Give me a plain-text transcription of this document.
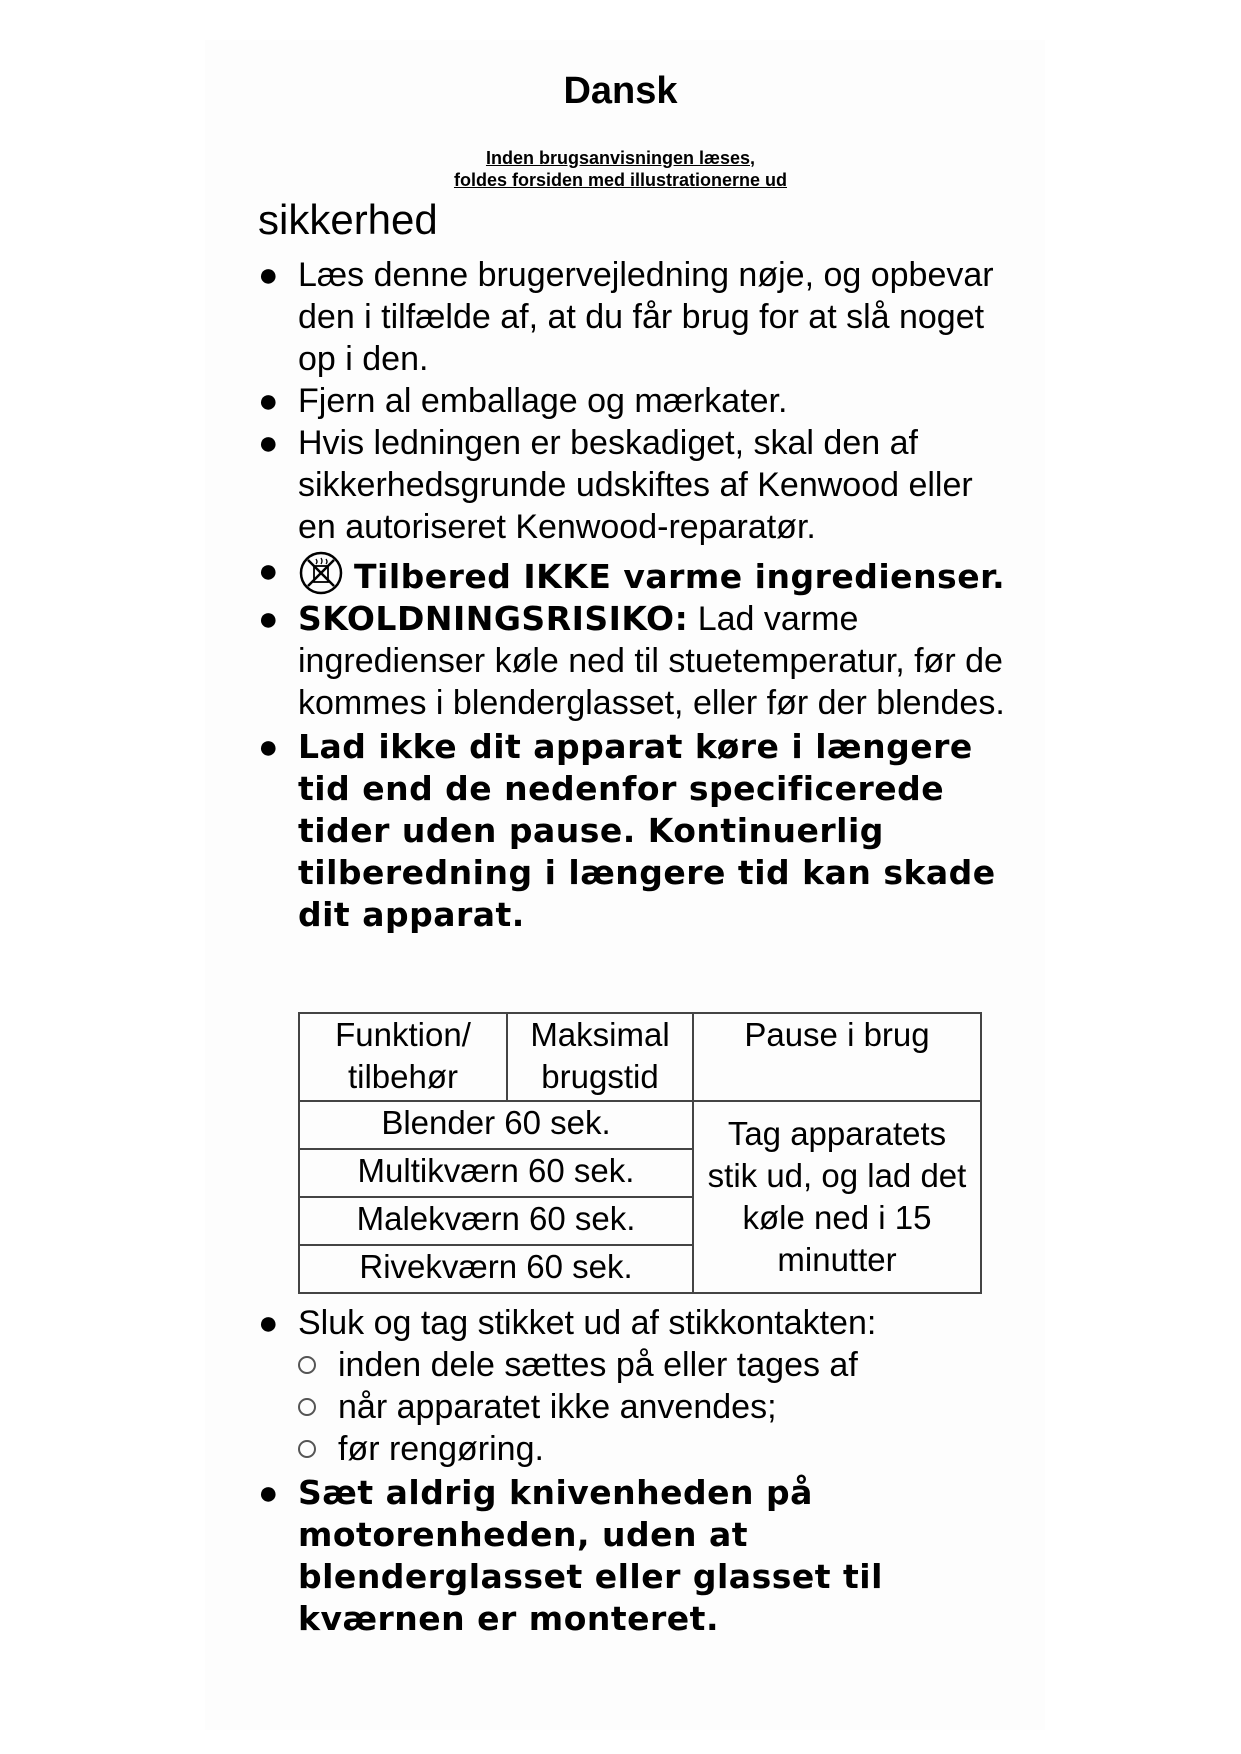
Dansk
Inden brugsanvisningen læses,
foldes forsiden med illustrationerne ud
sikkerhed
● Læs denne brugervejledning nøje, og opbevar den i tilfælde af, at du får brug for at slå noget op i den.
● Fjern al emballage og mærkater.
● Hvis ledningen er beskadiget, skal den af sikkerhedsgrunde udskiftes af Kenwood eller en autoriseret Kenwood-reparatør.
● Tilbered IKKE varme ingredienser.
● SKOLDNINGSRISIKO: Lad varme ingredienser køle ned til stuetemperatur, før de kommes i blenderglasset, eller før der blendes.
● Lad ikke dit apparat køre i længere tid end de nedenfor specificerede tider uden pause. Kontinuerlig tilberedning i længere tid kan skade dit apparat.
Funktion/ tilbehør	Maksimal brugstid	Pause i brug
Blender 60 sek.		Tag apparatets stik ud, og lad det køle ned i 15 minutter
Multikværn 60 sek.		
Malekværn 60 sek.		
Rivekværn 60 sek.		
● Sluk og tag stikket ud af stikkontakten:
inden dele sættes på eller tages af
når apparatet ikke anvendes;
før rengøring.
● Sæt aldrig knivenheden på motorenheden, uden at blenderglasset eller glasset til kværnen er monteret.
